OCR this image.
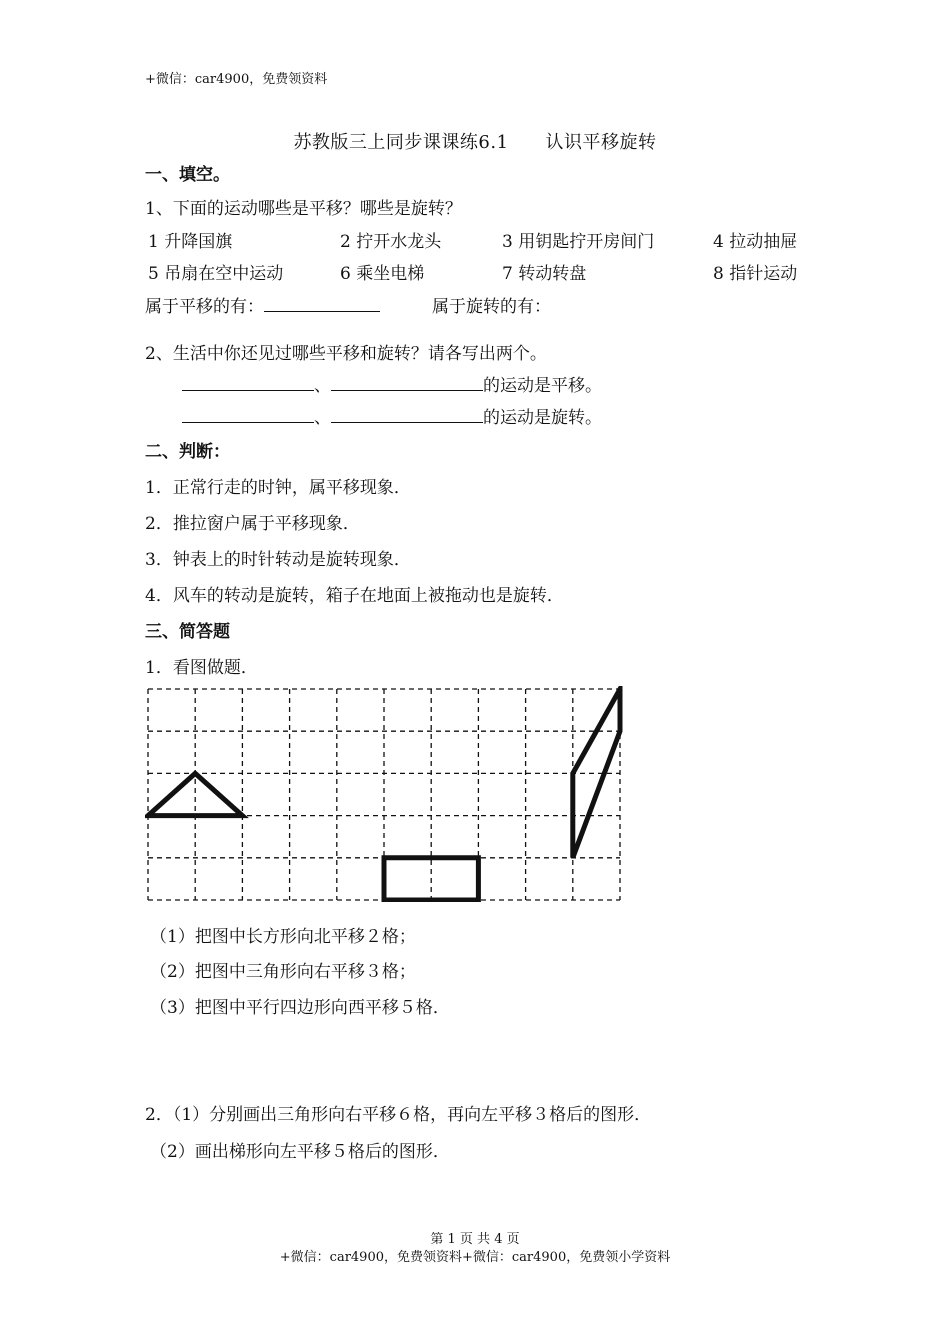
+微信：car4900，免费领资料
苏教版三上同步课课练6.1　　认识平移旋转
一、填空。
1、下面的运动哪些是平移？哪些是旋转？
1 升降国旗	2 拧开水龙头	3 用钥匙拧开房间门	4 拉动抽屉
5 吊扇在空中运动	6 乘坐电梯	7 转动转盘	8 指针运动
属于平移的有：	属于旋转的有：
2、生活中你还见过哪些平移和旋转？请各写出两个。
、	的运动是平移。
、	的运动是旋转。
二、判断：
1．正常行走的时钟，属平移现象．
2．推拉窗户属于平移现象．
3．钟表上的时针转动是旋转现象．
4．风车的转动是旋转，箱子在地面上被拖动也是旋转．
三、简答题
1．看图做题．
（1）把图中长方形向北平移２格；
（2）把图中三角形向右平移３格；
（3）把图中平行四边形向西平移５格．
2．（1）分别画出三角形向右平移６格，再向左平移３格后的图形．
（2）画出梯形向左平移５格后的图形．
第 1 页 共 4 页
+微信：car4900，免费领资料+微信：car4900，免费领小学资料
